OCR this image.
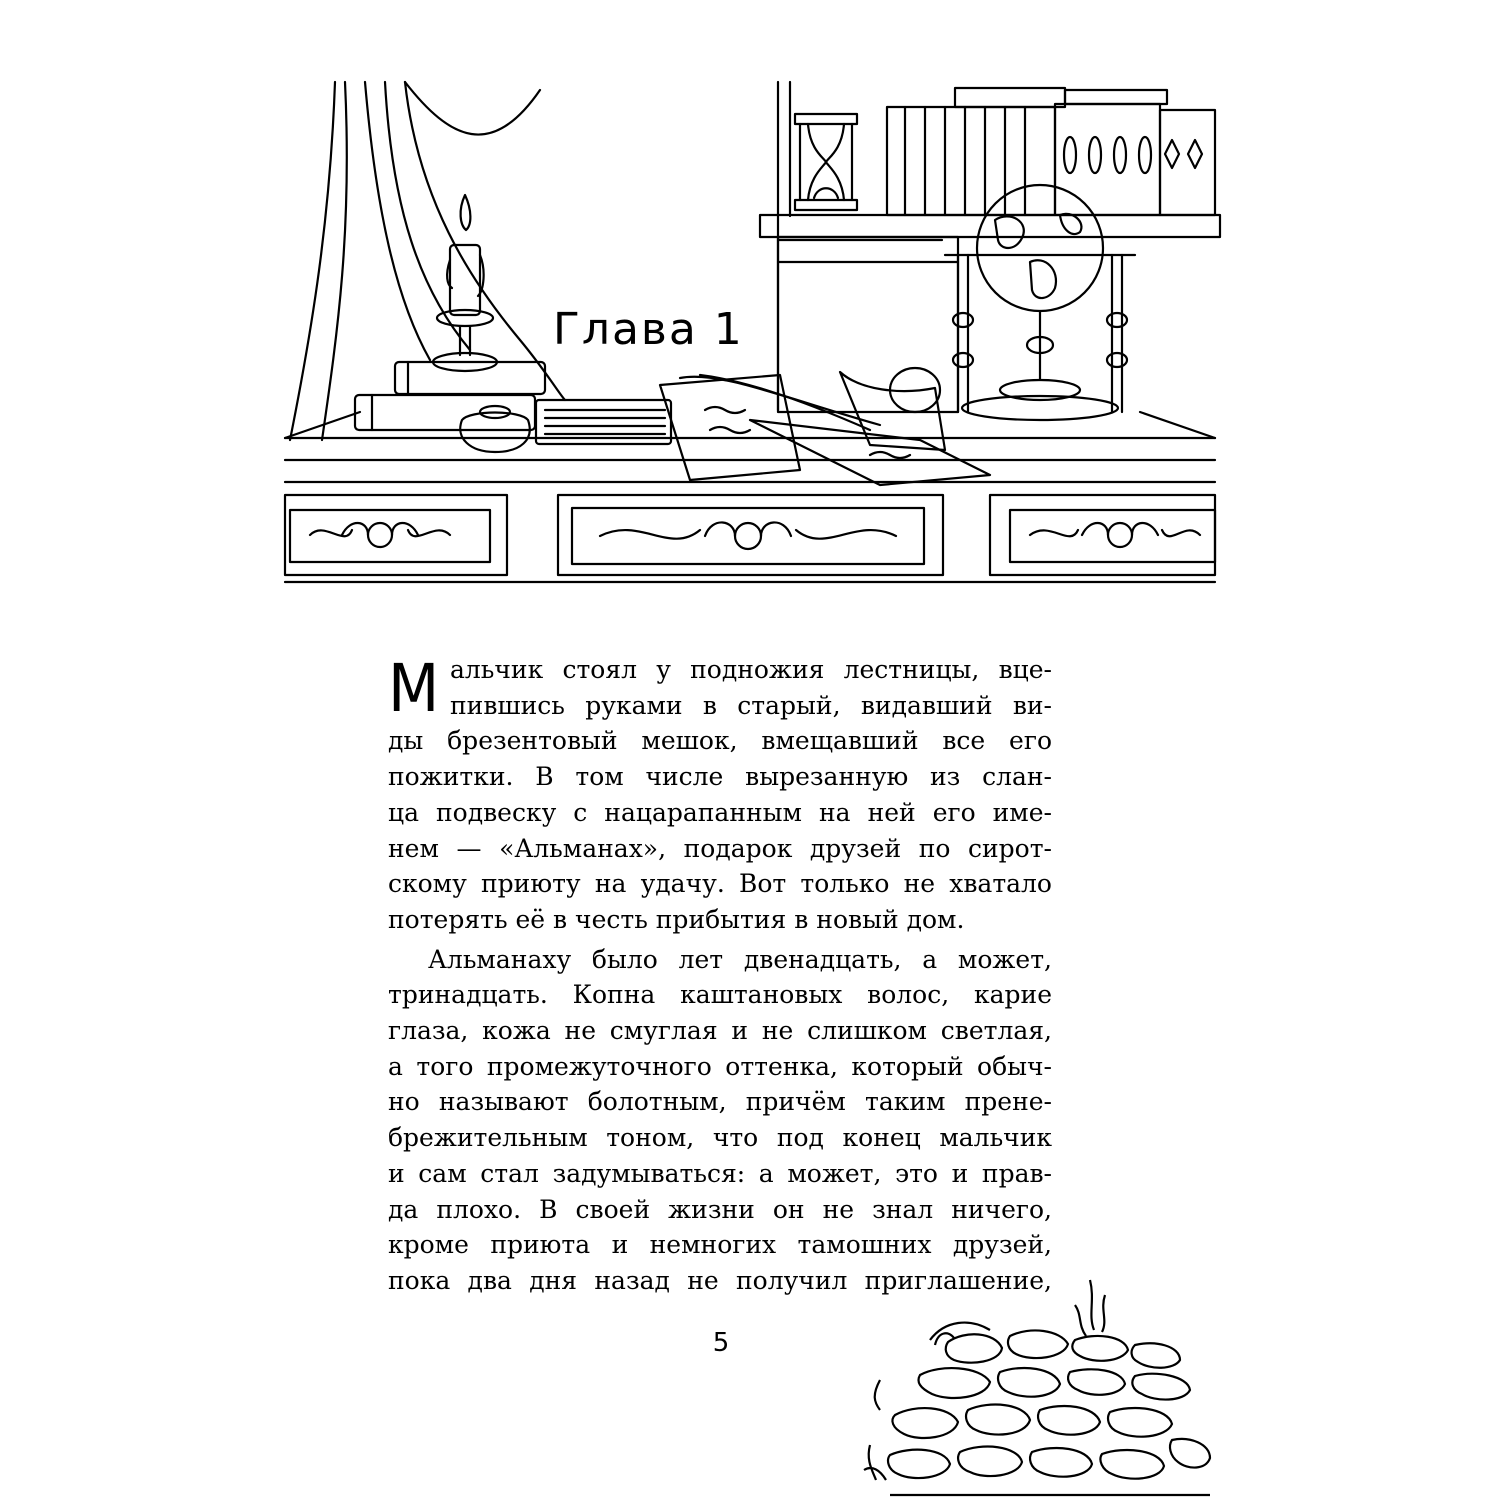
Глава 1
М альчик стоял у подножия лестницы, вце-
пившись руками в старый, видавший ви-
ды брезентовый мешок, вмещавший все его
пожитки. В том числе вырезанную из слан-
ца подвеску с нацарапанным на ней его име-
нем — «Альманах», подарок друзей по сирот-
скому приюту на удачу. Вот только не хватало
потерять её в честь прибытия в новый дом.

Альманаху было лет двенадцать, а может,
тринадцать. Копна каштановых волос, карие
глаза, кожа не смуглая и не слишком светлая,
а того промежуточного оттенка, который обыч-
но называют болотным, причём таким прене-
брежительным тоном, что под конец мальчик
и сам стал задумываться: а может, это и прав-
да плохо. В своей жизни он не знал ничего,
кроме приюта и немногих тамошних друзей,
пока два дня назад не получил приглашение,

5
